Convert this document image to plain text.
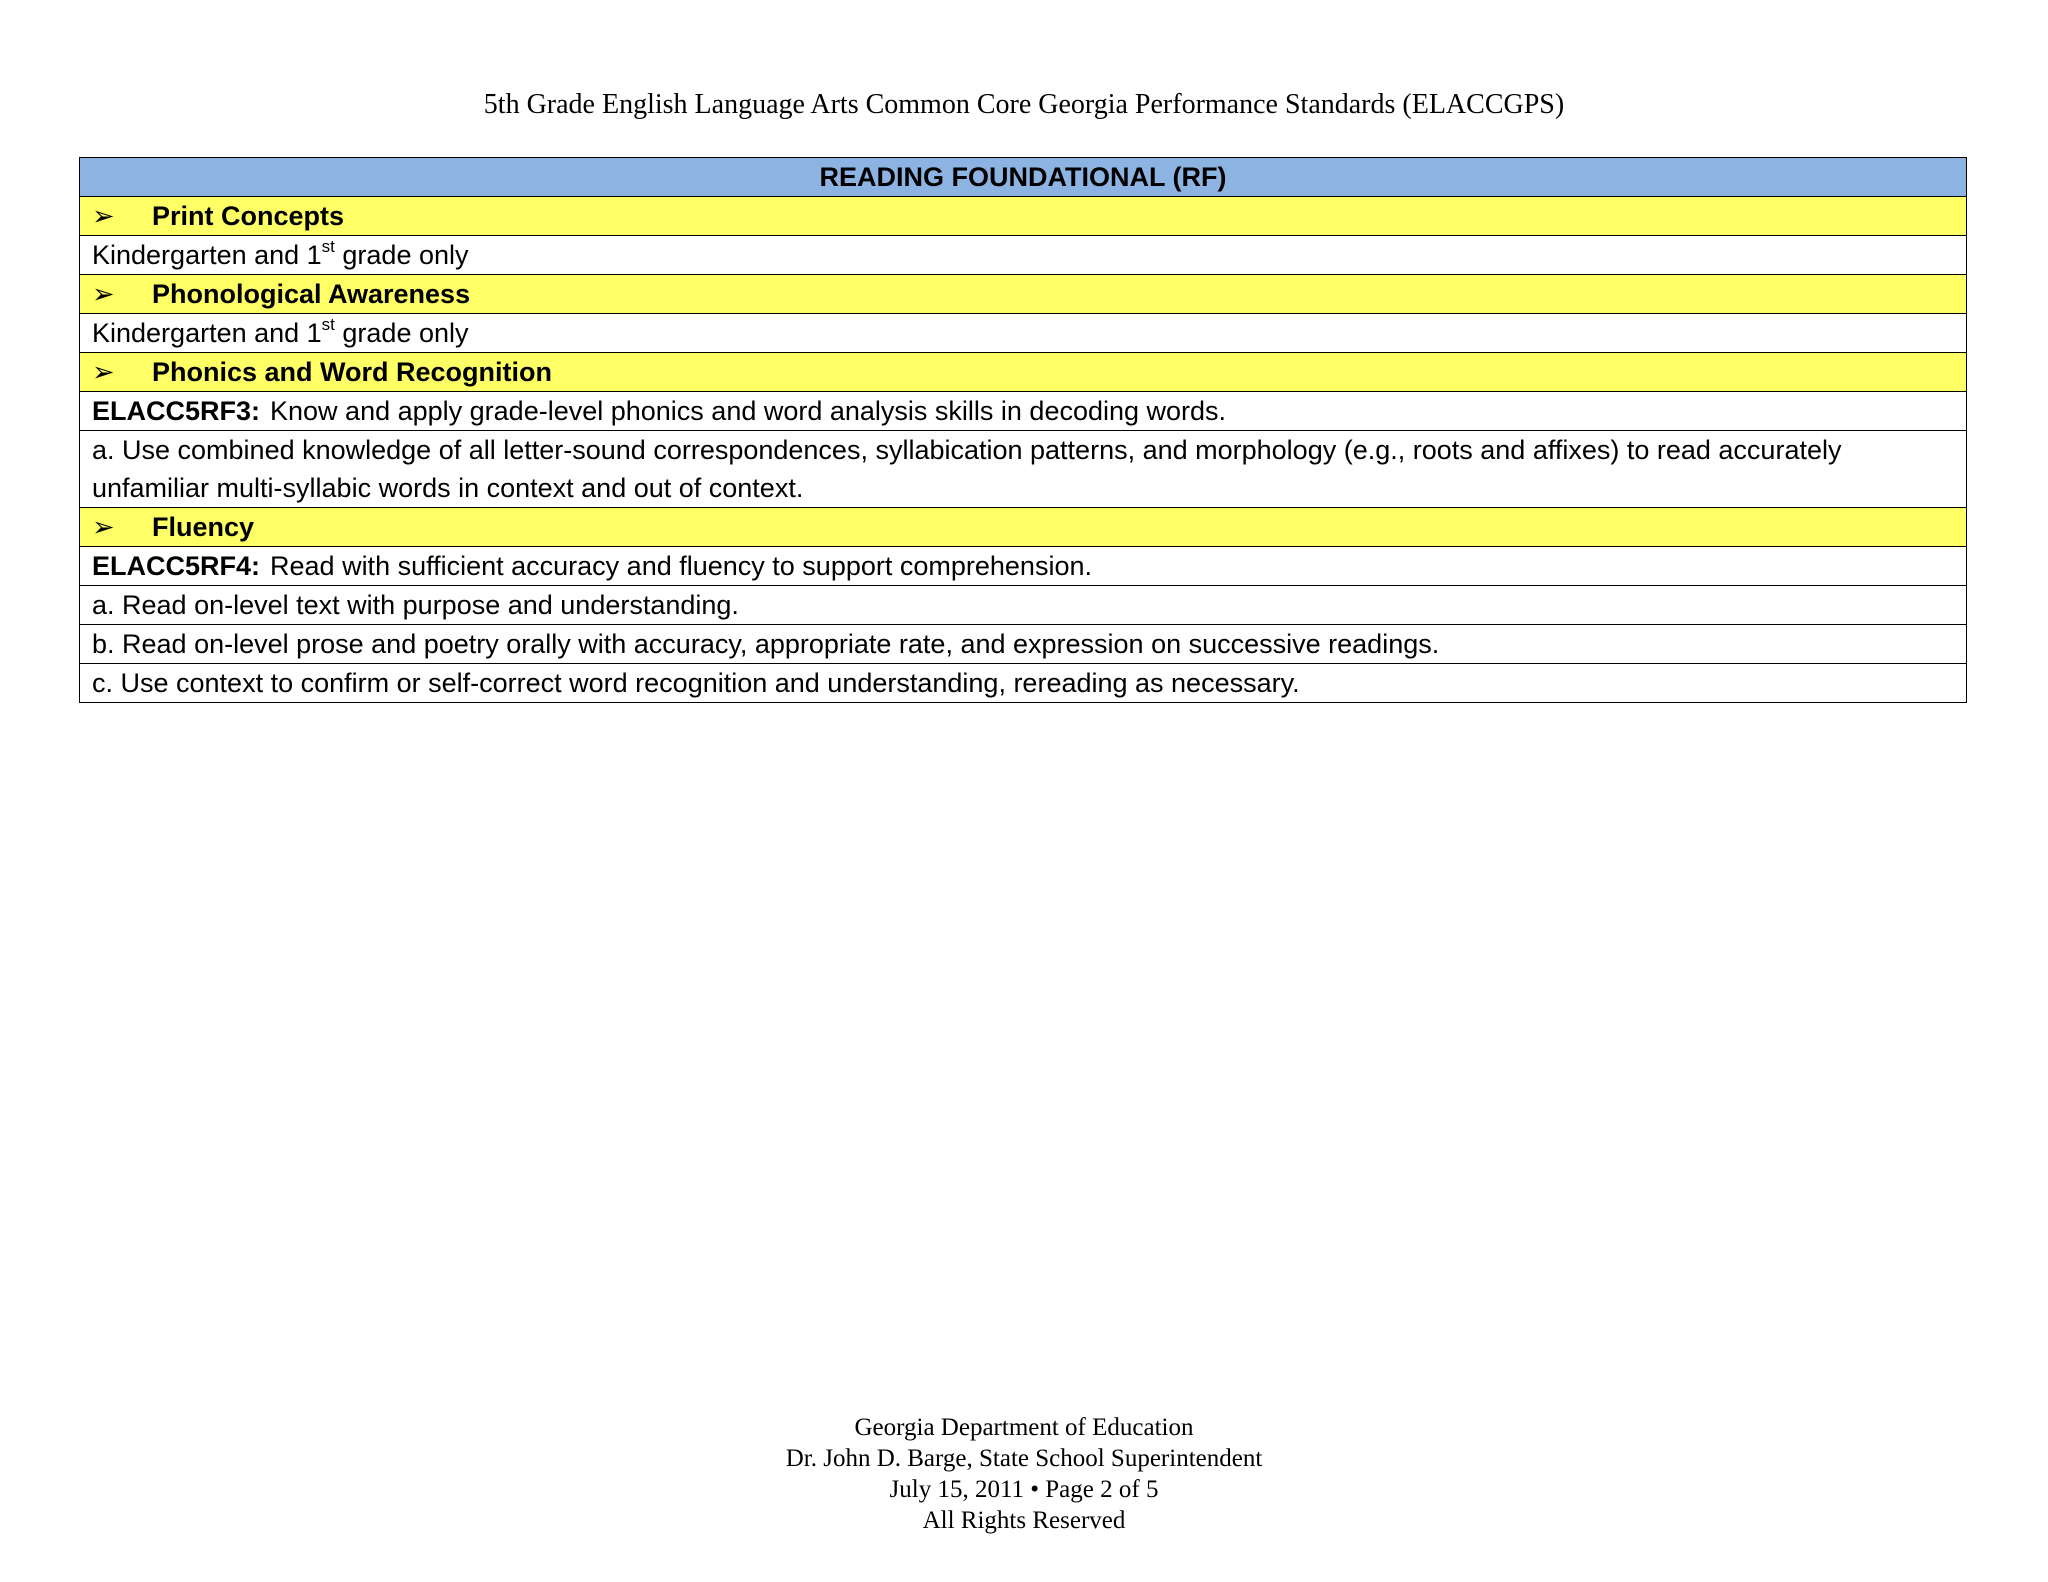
5th Grade English Language Arts Common Core Georgia Performance Standards (ELACCGPS)
READING FOUNDATIONAL (RF)
➢ Print Concepts
Kindergarten and 1st grade only
➢ Phonological Awareness
Kindergarten and 1st grade only
➢ Phonics and Word Recognition
ELACC5RF3: Know and apply grade-level phonics and word analysis skills in decoding words.
a. Use combined knowledge of all letter-sound correspondences, syllabication patterns, and morphology (e.g., roots and affixes) to read accurately unfamiliar multi-syllabic words in context and out of context.
➢ Fluency
ELACC5RF4: Read with sufficient accuracy and fluency to support comprehension.
a. Read on-level text with purpose and understanding.
b. Read on-level prose and poetry orally with accuracy, appropriate rate, and expression on successive readings.
c. Use context to confirm or self-correct word recognition and understanding, rereading as necessary.
Georgia Department of Education
Dr. John D. Barge, State School Superintendent
July 15, 2011 • Page 2 of 5
All Rights Reserved
